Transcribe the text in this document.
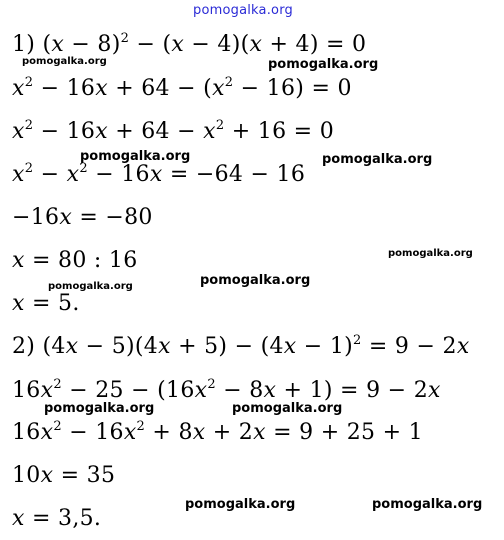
pomogalka.org
1) $(x - 8)^2 - (x - 4)(x + 4) = 0$
$x^2 - 16x + 64 - (x^2 - 16) = 0$
$x^2 - 16x + 64 - x^2 + 16 = 0$
$x^2 - x^2 - 16x = -64 - 16$
−16x = −80
x = 80 : 16
x = 5.
2) $(4x - 5)(4x + 5) - (4x - 1)^2 = 9 - 2x$
$16x^2 - 25 - (16x^2 - 8x + 1) = 9 - 2x$
$16x^2 - 16x^2 + 8x + 2x = 9 + 25 + 1$
10x = 35
x = 3,5.
pomogalka.org	pomogalka.org
pomogalka.org	pomogalka.org
pomogalka.org
pomogalka.org
pomogalka.org
pomogalka.org	pomogalka.org
pomogalka.org	pomogalka.org
